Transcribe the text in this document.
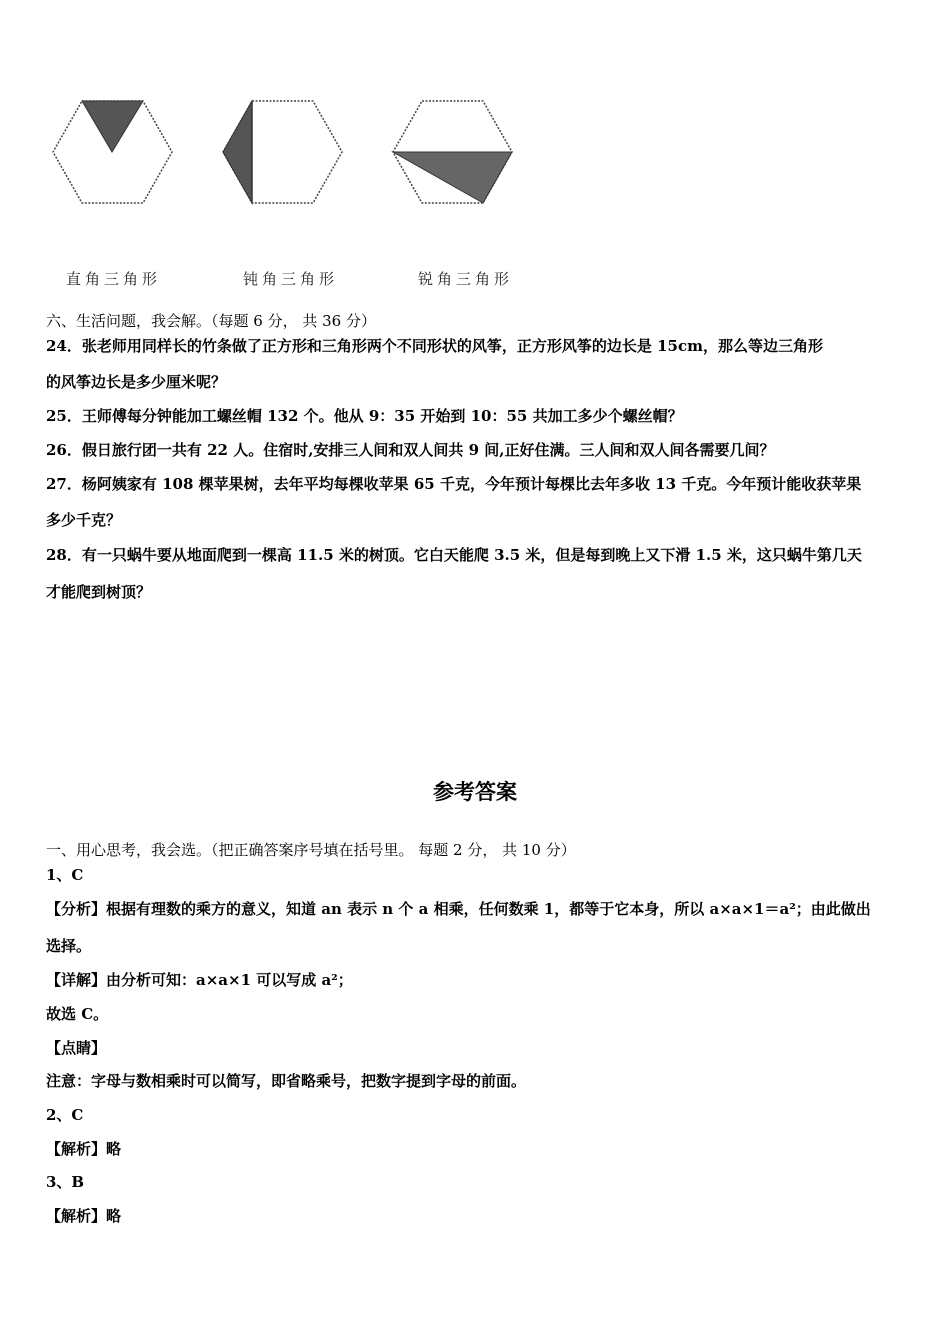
直角三角形	钝角三角形	锐角三角形
六、生活问题，我会解。（每题 6 分， 共 36 分）
24．张老师用同样长的竹条做了正方形和三角形两个不同形状的风筝，正方形风筝的边长是 15cm，那么等边三角形
的风筝边长是多少厘米呢？
25．王师傅每分钟能加工螺丝帽 132 个。他从 9：35 开始到 10：55 共加工多少个螺丝帽？
26．假日旅行团一共有 22 人。住宿时,安排三人间和双人间共 9 间,正好住满。三人间和双人间各需要几间？
27．杨阿姨家有 108 棵苹果树，去年平均每棵收苹果 65 千克，今年预计每棵比去年多收 13 千克。今年预计能收获苹果
多少千克？
28．有一只蜗牛要从地面爬到一棵高 11.5 米的树顶。它白天能爬 3.5 米，但是每到晚上又下滑 1.5 米，这只蜗牛第几天
才能爬到树顶？
参考答案
一、用心思考，我会选。（把正确答案序号填在括号里。 每题 2 分， 共 10 分）
1、C
【分析】根据有理数的乘方的意义，知道 an 表示 n 个 a 相乘，任何数乘 1，都等于它本身，所以 a×a×1＝a²；由此做出
选择。
【详解】由分析可知：a×a×1 可以写成 a²；
故选 C。
【点睛】
注意：字母与数相乘时可以简写，即省略乘号，把数字提到字母的前面。
2、C
【解析】略
3、B
【解析】略
